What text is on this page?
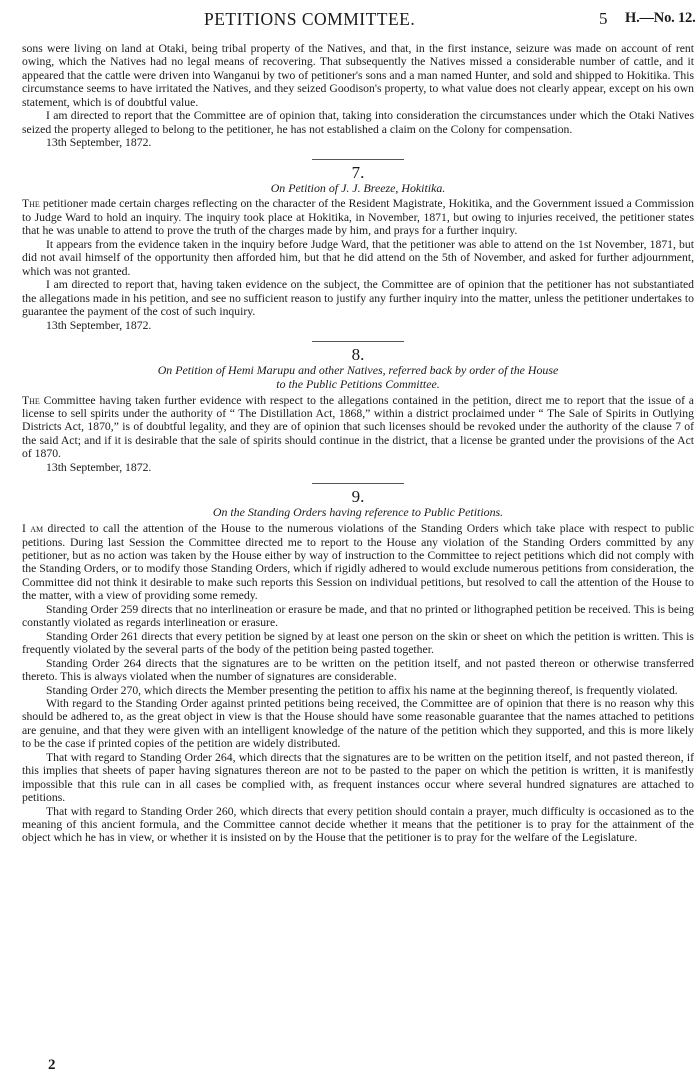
PETITIONS COMMITTEE.	5 H.—No. 12.

sons were living on land at Otaki, being tribal property of the Natives, and that, in the first instance, seizure was made on account of rent owing, which the Natives had no legal means of recovering. That subsequently the Natives missed a considerable number of cattle, and it appeared that the cattle were driven into Wanganui by two of petitioner's sons and a man named Hunter, and sold and shipped to Hokitika. This circumstance seems to have irritated the Natives, and they seized Goodison's property, to what value does not clearly appear, except on his own statement, which is of doubtful value.

I am directed to report that the Committee are of opinion that, taking into consideration the circumstances under which the Otaki Natives seized the property alleged to belong to the petitioner, he has not established a claim on the Colony for compensation.

13th September, 1872.

7.
On Petition of J. J. Breeze, Hokitika.

The petitioner made certain charges reflecting on the character of the Resident Magistrate, Hokitika, and the Government issued a Commission to Judge Ward to hold an inquiry. The inquiry took place at Hokitika, in November, 1871, but owing to injuries received, the petitioner states that he was unable to attend to prove the truth of the charges made by him, and prays for a further inquiry.

It appears from the evidence taken in the inquiry before Judge Ward, that the petitioner was able to attend on the 1st November, 1871, but did not avail himself of the opportunity then afforded him, but that he did attend on the 5th of November, and asked for further adjournment, which was not granted.

I am directed to report that, having taken evidence on the subject, the Committee are of opinion that the petitioner has not substantiated the allegations made in his petition, and see no sufficient reason to justify any further inquiry into the matter, unless the petitioner undertakes to guarantee the payment of the cost of such inquiry.

13th September, 1872.

8.
On Petition of Hemi Marupu and other Natives, referred back by order of the House
to the Public Petitions Committee.

The Committee having taken further evidence with respect to the allegations contained in the petition, direct me to report that the issue of a license to sell spirits under the authority of “ The Distillation Act, 1868,” within a district proclaimed under “ The Sale of Spirits in Outlying Districts Act, 1870,” is of doubtful legality, and they are of opinion that such licenses should be revoked under the authority of the clause 7 of the said Act; and if it is desirable that the sale of spirits should continue in the district, that a license be granted under the provisions of the Act of 1870.

13th September, 1872.

9.
On the Standing Orders having reference to Public Petitions.

I am directed to call the attention of the House to the numerous violations of the Standing Orders which take place with respect to public petitions. During last Session the Committee directed me to report to the House any violation of the Standing Orders committed by any petitioner, but as no action was taken by the House either by way of instruction to the Committee to reject petitions which did not comply with the Standing Orders, or to modify those Standing Orders, which if rigidly adhered to would exclude numerous petitions from consideration, the Committee did not think it desirable to make such reports this Session on individual petitions, but resolved to call the attention of the House to the matter, with a view of providing some remedy.

Standing Order 259 directs that no interlineation or erasure be made, and that no printed or lithographed petition be received. This is being constantly violated as regards interlineation or erasure.

Standing Order 261 directs that every petition be signed by at least one person on the skin or sheet on which the petition is written. This is frequently violated by the several parts of the body of the petition being pasted together.

Standing Order 264 directs that the signatures are to be written on the petition itself, and not pasted thereon or otherwise transferred thereto. This is always violated when the number of signatures are considerable.

Standing Order 270, which directs the Member presenting the petition to affix his name at the beginning thereof, is frequently violated.

With regard to the Standing Order against printed petitions being received, the Committee are of opinion that there is no reason why this should be adhered to, as the great object in view is that the House should have some reasonable guarantee that the names attached to petitions are genuine, and that they were given with an intelligent knowledge of the nature of the petition which they supported, and this is more likely to be the case if printed copies of the petition are widely distributed.

That with regard to Standing Order 264, which directs that the signatures are to be written on the petition itself, and not pasted thereon, if this implies that sheets of paper having signatures thereon are not to be pasted to the paper on which the petition is written, it is manifestly impossible that this rule can in all cases be complied with, as frequent instances occur where several hundred signatures are attached to petitions.

That with regard to Standing Order 260, which directs that every petition should contain a prayer, much difficulty is occasioned as to the meaning of this ancient formula, and the Committee cannot decide whether it means that the petitioner is to pray for the attainment of the object which he has in view, or whether it is insisted on by the House that the petitioner is to pray for the welfare of the Legislature.

2
